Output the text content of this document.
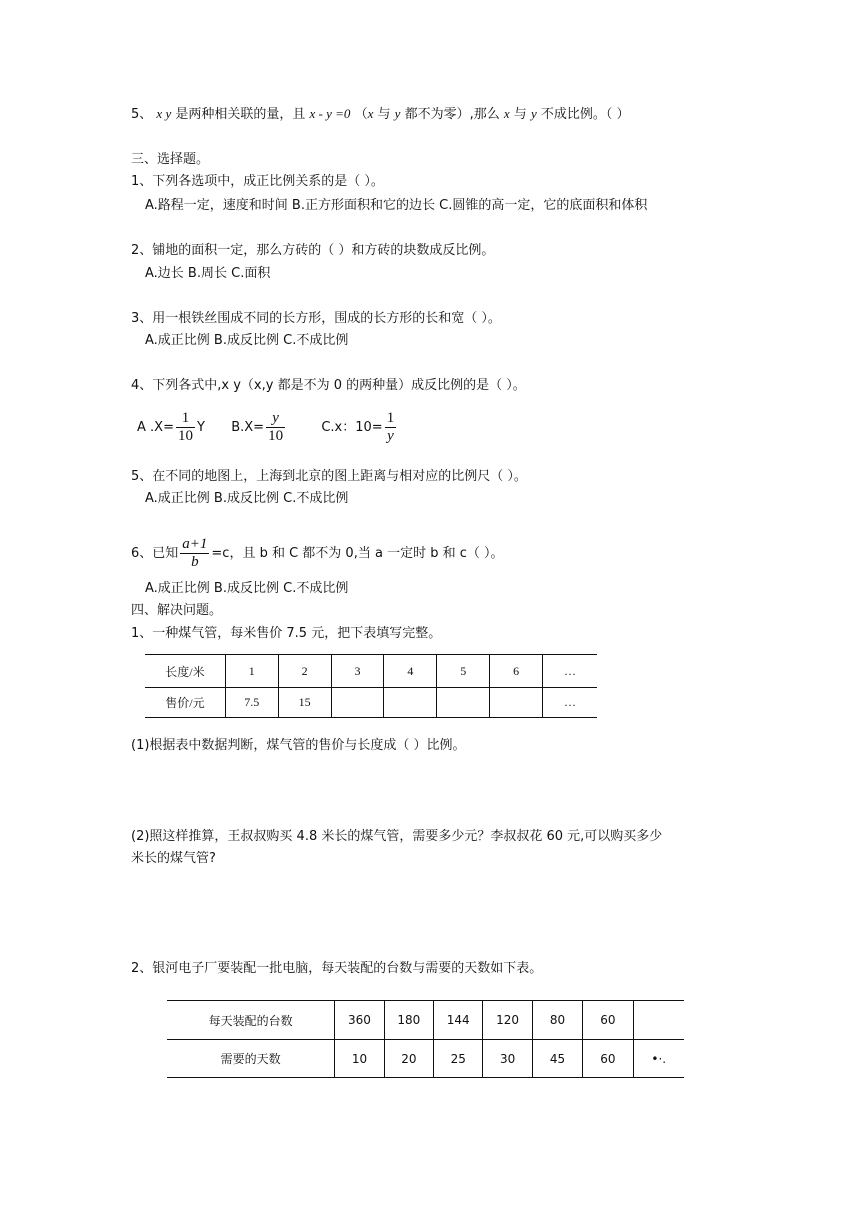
5、 x y 是两种相关联的量，且 x - y =0 （x 与 y 都不为零）,那么 x 与 y 不成比例。（ ）
三、选择题。
1、下列各选项中，成正比例关系的是（ ）。
A.路程一定，速度和时间 B.正方形面积和它的边长 C.圆锥的高一定，它的底面积和体积
2、铺地的面积一定，那么方砖的（ ）和方砖的块数成反比例。
A.边长 B.周长 C.面积
3、用一根铁丝围成不同的长方形，围成的长方形的长和宽（ ）。
A.成正比例 B.成反比例 C.不成比例
4、下列各式中,x y（x,y 都是不为 0 的两种量）成反比例的是（ ）。
A $.X= \frac{1}{10}$ Y $B.X= \frac{y}{10}$	C.x：$10= \frac{1}{y}$
5、在不同的地图上，上海到北京的图上距离与相对应的比例尺（ ）。
A.成正比例 B.成反比例 C.不成比例
6、已知 $\frac{a+1}{b} =c$，且 b 和 C 都不为 0,当 a 一定时 b 和 c（ ）。
A.成正比例 B.成反比例 C.不成比例
四、解决问题。
1、一种煤气管，每米售价 7.5 元，把下表填写完整。
长度/米	1	2	3	4	5	6	…
售价/元	7.5	15					…
(1)根据表中数据判断，煤气管的售价与长度成（ ）比例。
(2)照这样推算，王叔叔购买 4.8 米长的煤气管，需要多少元？李叔叔花 60 元,可以购买多少
米长的煤气管?
2、银河电子厂要装配一批电脑，每天装配的台数与需要的天数如下表。
每天装配的台数	360	180	144	120	80	60	
需要的天数	10	20	25	30	45	60	•·.
